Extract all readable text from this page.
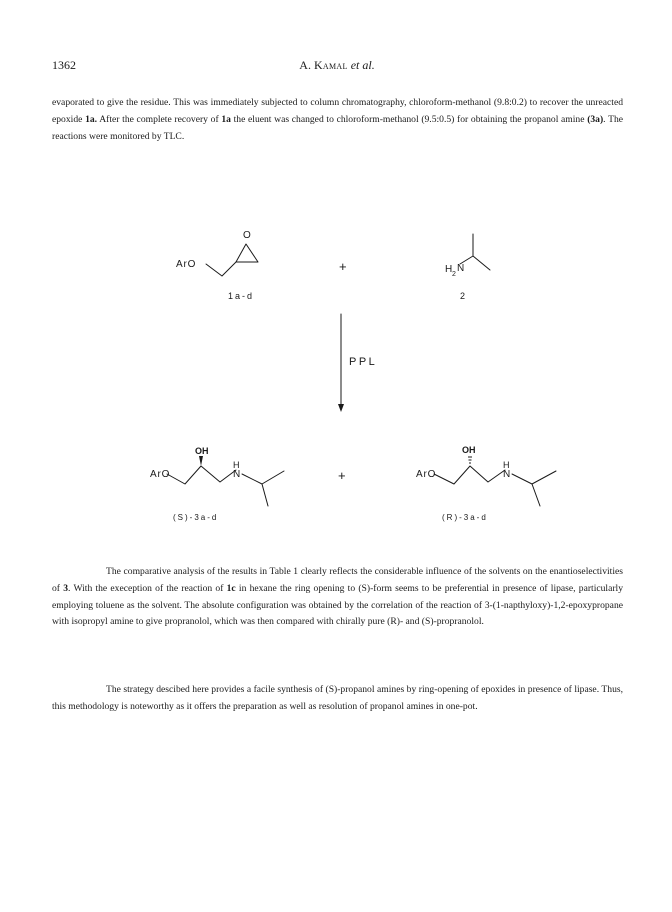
1362	A. Kamal et al.

evaporated to give the residue. This was immediately subjected to column chromatography, chloroform-methanol (9.8:0.2) to recover the unreacted epoxide 1a. After the complete recovery of 1a the eluent was changed to chloroform-methanol (9.5:0.5) for obtaining the propanol amine (3a). The reactions were monitored by TLC.

ArO
O
1a-d
+	H 2
N
2
PPL
ArO
OH
H
N
(S)-3a-d
+	ArO
OH
H
N
(R)-3a-d

The comparative analysis of the results in Table 1 clearly reflects the considerable influence of the solvents on the enantioselectivities of 3. With the exeception of the reaction of 1c in hexane the ring opening to (S)-form seems to be preferential in presence of lipase, particularly employing toluene as the solvent. The absolute configuration was obtained by the correlation of the reaction of 3-(1-napthyloxy)-1,2-epoxypropane with isopropyl amine to give propranolol, which was then compared with chirally pure (R)- and (S)-propranolol.

The strategy descibed here provides a facile synthesis of (S)-propanol amines by ring-opening of epoxides in presence of lipase. Thus, this methodology is noteworthy as it offers the preparation as well as resolution of propanol amines in one-pot.
